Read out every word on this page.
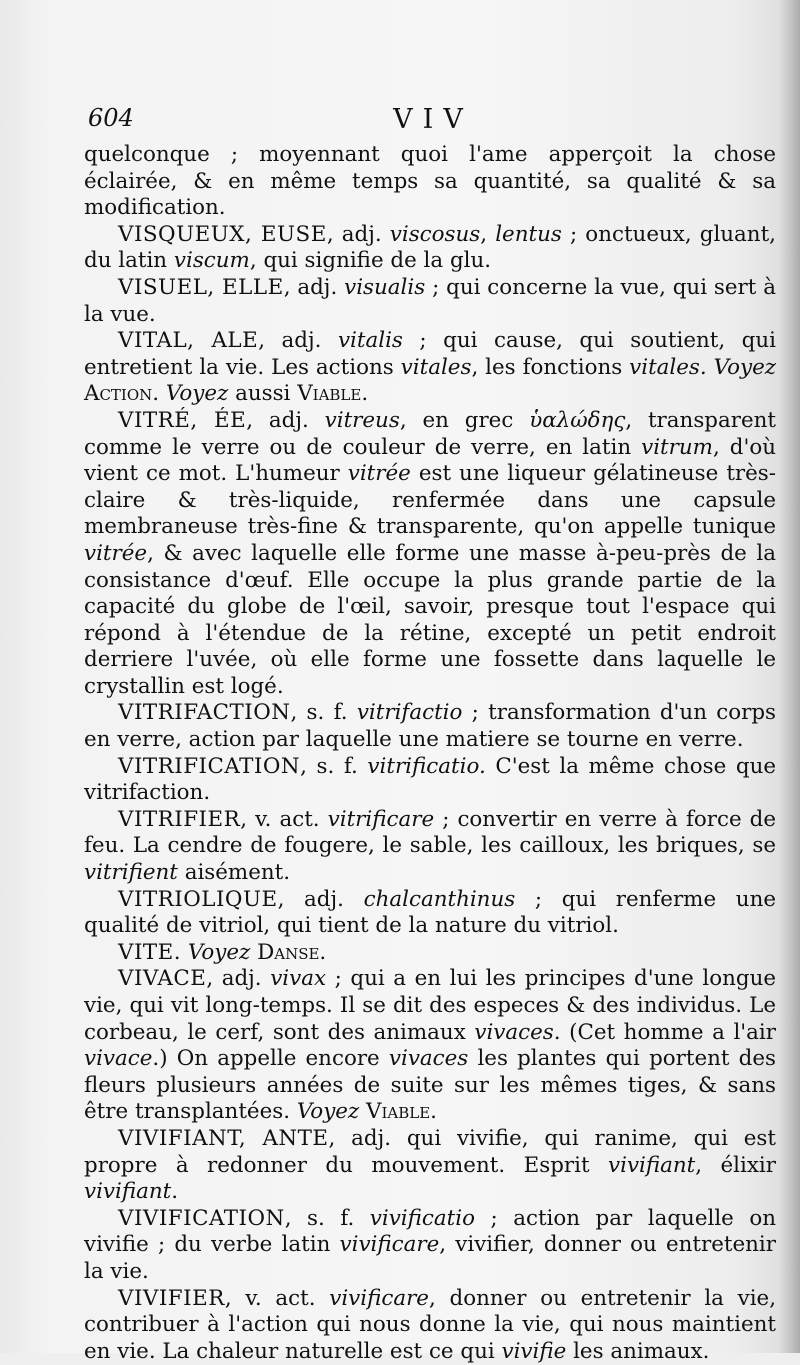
604	VIV

quelconque ; moyennant quoi l'ame apperçoit la chose éclairée, & en même temps sa quantité, sa qualité & sa modification.

VISQUEUX, EUSE, adj. viscosus, lentus ; onctueux, gluant, du latin viscum, qui signifie de la glu.

VISUEL, ELLE, adj. visualis ; qui concerne la vue, qui sert à la vue.

VITAL, ALE, adj. vitalis ; qui cause, qui soutient, qui entretient la vie. Les actions vitales, les fonctions vitales. Voyez Action. Voyez aussi Viable.

VITRÉ, ÉE, adj. vitreus, en grec ὑαλώδης, transparent comme le verre ou de couleur de verre, en latin vitrum, d'où vient ce mot. L'humeur vitrée est une liqueur gélatineuse très-claire & très-liquide, renfermée dans une capsule membraneuse très-fine & transparente, qu'on appelle tunique vitrée, & avec laquelle elle forme une masse à-peu-près de la consistance d'œuf. Elle occupe la plus grande partie de la capacité du globe de l'œil, savoir, presque tout l'espace qui répond à l'étendue de la rétine, excepté un petit endroit derriere l'uvée, où elle forme une fossette dans laquelle le crystallin est logé.

VITRIFACTION, s. f. vitrifactio ; transformation d'un corps en verre, action par laquelle une matiere se tourne en verre.

VITRIFICATION, s. f. vitrificatio. C'est la même chose que vitrifaction.

VITRIFIER, v. act. vitrificare ; convertir en verre à force de feu. La cendre de fougere, le sable, les cailloux, les briques, se vitrifient aisément.

VITRIOLIQUE, adj. chalcanthinus ; qui renferme une qualité de vitriol, qui tient de la nature du vitriol.

VITE. Voyez Danse.

VIVACE, adj. vivax ; qui a en lui les principes d'une longue vie, qui vit long-temps. Il se dit des especes & des individus. Le corbeau, le cerf, sont des animaux vivaces. (Cet homme a l'air vivace.) On appelle encore vivaces les plantes qui portent des fleurs plusieurs années de suite sur les mêmes tiges, & sans être transplantées. Voyez Viable.

VIVIFIANT, ANTE, adj. qui vivifie, qui ranime, qui est propre à redonner du mouvement. Esprit vivifiant, élixir vivifiant.

VIVIFICATION, s. f. vivificatio ; action par laquelle on vivifie ; du verbe latin vivificare, vivifier, donner ou entretenir la vie.

VIVIFIER, v. act. vivificare, donner ou entretenir la vie, contribuer à l'action qui nous donne la vie, qui nous maintient en vie. La chaleur naturelle est ce qui vivifie les animaux.
